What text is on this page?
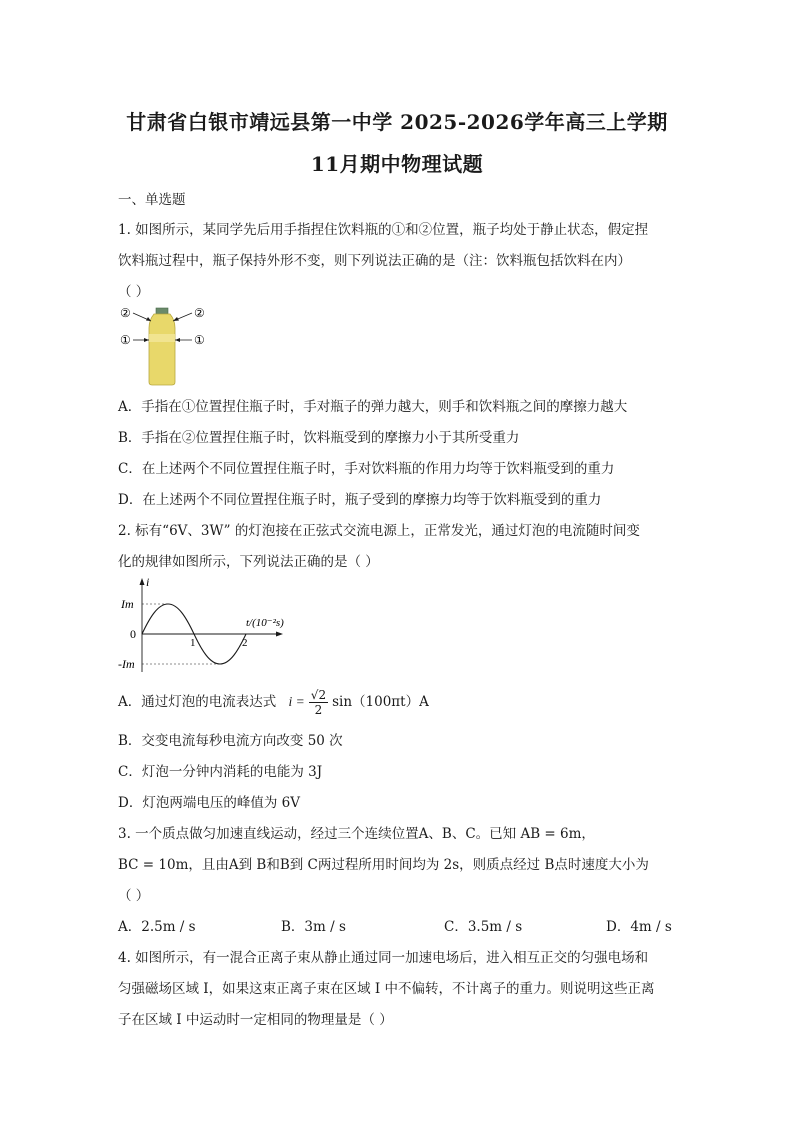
甘肃省白银市靖远县第一中学 2025-2026学年高三上学期
11月期中物理试题
一、单选题
1. 如图所示，某同学先后用手指捏住饮料瓶的①和②位置，瓶子均处于静止状态，假定捏
饮料瓶过程中，瓶子保持外形不变，则下列说法正确的是（注：饮料瓶包括饮料在内）
（ ）
②	②
①	①
A．手指在①位置捏住瓶子时，手对瓶子的弹力越大，则手和饮料瓶之间的摩擦力越大
B．手指在②位置捏住瓶子时，饮料瓶受到的摩擦力小于其所受重力
C．在上述两个不同位置捏住瓶子时，手对饮料瓶的作用力均等于饮料瓶受到的重力
D．在上述两个不同位置捏住瓶子时，瓶子受到的摩擦力均等于饮料瓶受到的重力
2. 标有“6V、3W” 的灯泡接在正弦式交流电源上，正常发光，通过灯泡的电流随时间变
化的规律如图所示，下列说法正确的是（ ）
i
Im
0
-Im
1	2
t/(10⁻²s)
A．通过灯泡的电流表达式 $i = \frac{√2}{2} \sin(100\pi t)A$
B．交变电流每秒电流方向改变 50 次
C．灯泡一分钟内消耗的电能为 3J
D．灯泡两端电压的峰值为 6V
3. 一个质点做匀加速直线运动，经过三个连续位置A、B、C。已知 AB = 6m，
BC = 10m，且由A到 B和B到 C两过程所用时间均为 2s，则质点经过 B点时速度大小为
（ ）
A．2.5m / s	B．3m / s	C．3.5m / s	D．4m / s
4. 如图所示，有一混合正离子束从静止通过同一加速电场后，进入相互正交的匀强电场和
匀强磁场区域 I，如果这束正离子束在区域 I 中不偏转，不计离子的重力。则说明这些正离
子在区域 I 中运动时一定相同的物理量是（ ）
